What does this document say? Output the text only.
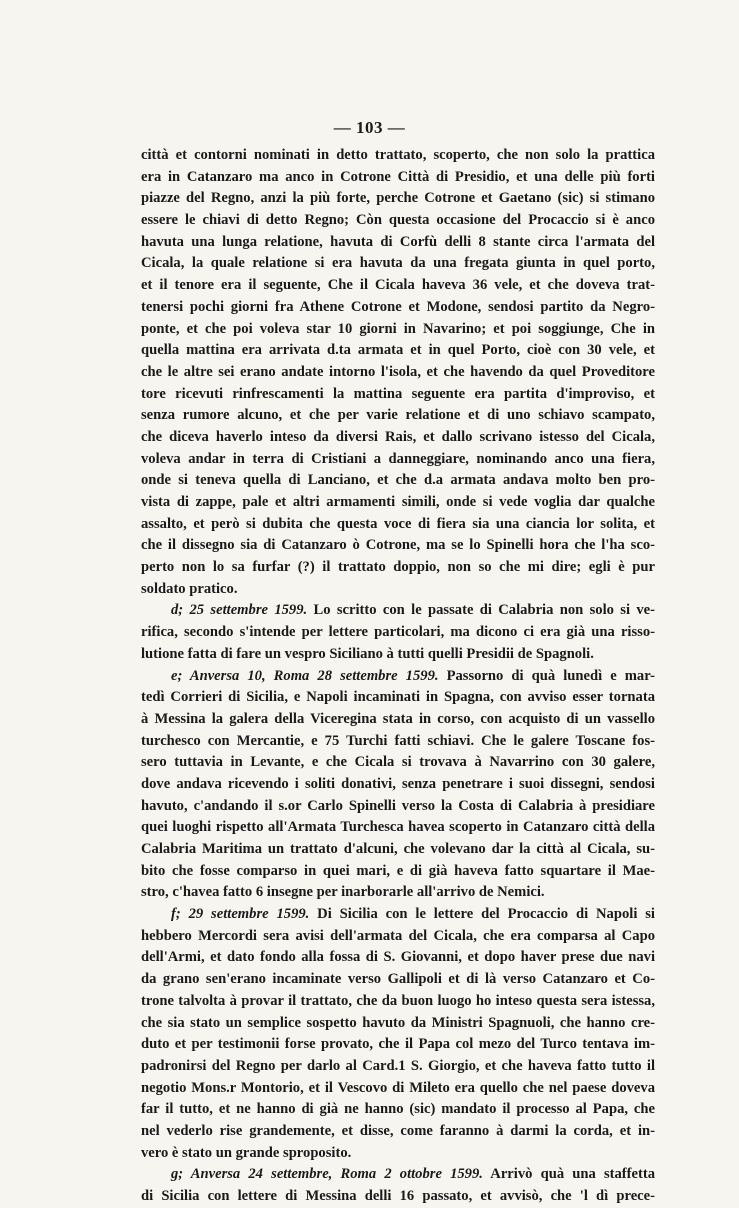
— 103 —
città et contorni nominati in detto trattato, scoperto, che non solo la prattica
era in Catanzaro ma anco in Cotrone Città di Presidio, et una delle più forti
piazze del Regno, anzi la più forte, perche Cotrone et Gaetano (sic) si stimano
essere le chiavi di detto Regno; Còn questa occasione del Procaccio si è anco
havuta una lunga relatione, havuta di Corfù delli 8 stante circa l'armata del
Cicala, la quale relatione si era havuta da una fregata giunta in quel porto,
et il tenore era il seguente, Che il Cicala haveva 36 vele, et che doveva trat-
tenersi pochi giorni fra Athene Cotrone et Modone, sendosi partito da Negro-
ponte, et che poi voleva star 10 giorni in Navarino; et poi soggiunge, Che in
quella mattina era arrivata d.ta armata et in quel Porto, cioè con 30 vele, et
che le altre sei erano andate intorno l'isola, et che havendo da quel Proveditore
tore ricevuti rinfrescamenti la mattina seguente era partita d'improviso, et
senza rumore alcuno, et che per varie relatione et di uno schiavo scampato,
che diceva haverlo inteso da diversi Rais, et dallo scrivano istesso del Cicala,
voleva andar in terra di Cristiani a danneggiare, nominando anco una fiera,
onde si teneva quella di Lanciano, et che d.a armata andava molto ben pro-
vista di zappe, pale et altri armamenti simili, onde si vede voglia dar qualche
assalto, et però si dubita che questa voce di fiera sia una ciancia lor solita, et
che il dissegno sia di Catanzaro ò Cotrone, ma se lo Spinelli hora che l'ha sco-
perto non lo sa furfar (?) il trattato doppio, non so che mi dire; egli è pur
soldato pratico.
d; 25 settembre 1599. Lo scritto con le passate di Calabria non solo si ve-
rifica, secondo s'intende per lettere particolari, ma dicono ci era già una risso-
lutione fatta di fare un vespro Siciliano à tutti quelli Presidii de Spagnoli.
e; Anversa 10, Roma 28 settembre 1599. Passorno di quà lunedì e mar-
tedì Corrieri di Sicilia, e Napoli incaminati in Spagna, con avviso esser tornata
à Messina la galera della Viceregina stata in corso, con acquisto di un vassello
turchesco con Mercantie, e 75 Turchi fatti schiavi. Che le galere Toscane fos-
sero tuttavia in Levante, e che Cicala si trovava à Navarrino con 30 galere,
dove andava ricevendo i soliti donativi, senza penetrare i suoi dissegni, sendosi
havuto, c'andando il s.or Carlo Spinelli verso la Costa di Calabria à presidiare
quei luoghi rispetto all'Armata Turchesca havea scoperto in Catanzaro città della
Calabria Maritima un trattato d'alcuni, che volevano dar la città al Cicala, su-
bito che fosse comparso in quei mari, e di già haveva fatto squartare il Mae-
stro, c'havea fatto 6 insegne per inarborarle all'arrivo de Nemici.
f; 29 settembre 1599. Di Sicilia con le lettere del Procaccio di Napoli si
hebbero Mercordi sera avisi dell'armata del Cicala, che era comparsa al Capo
dell'Armi, et dato fondo alla fossa di S. Giovanni, et dopo haver prese due navi
da grano sen'erano incaminate verso Gallipoli et di là verso Catanzaro et Co-
trone talvolta à provar il trattato, che da buon luogo ho inteso questa sera istessa,
che sia stato un semplice sospetto havuto da Ministri Spagnuoli, che hanno cre-
duto et per testimonii forse provato, che il Papa col mezo del Turco tentava im-
padronirsi del Regno per darlo al Card.1 S. Giorgio, et che haveva fatto tutto il
negotio Mons.r Montorio, et il Vescovo di Mileto era quello che nel paese doveva
far il tutto, et ne hanno di già ne hanno (sic) mandato il processo al Papa, che
nel vederlo rise grandemente, et disse, come faranno à darmi la corda, et in-
vero è stato un grande sproposito.
g; Anversa 24 settembre, Roma 2 ottobre 1599. Arrivò quà una staffetta
di Sicilia con lettere di Messina delli 16 passato, et avvisò, che 'l dì prece-
